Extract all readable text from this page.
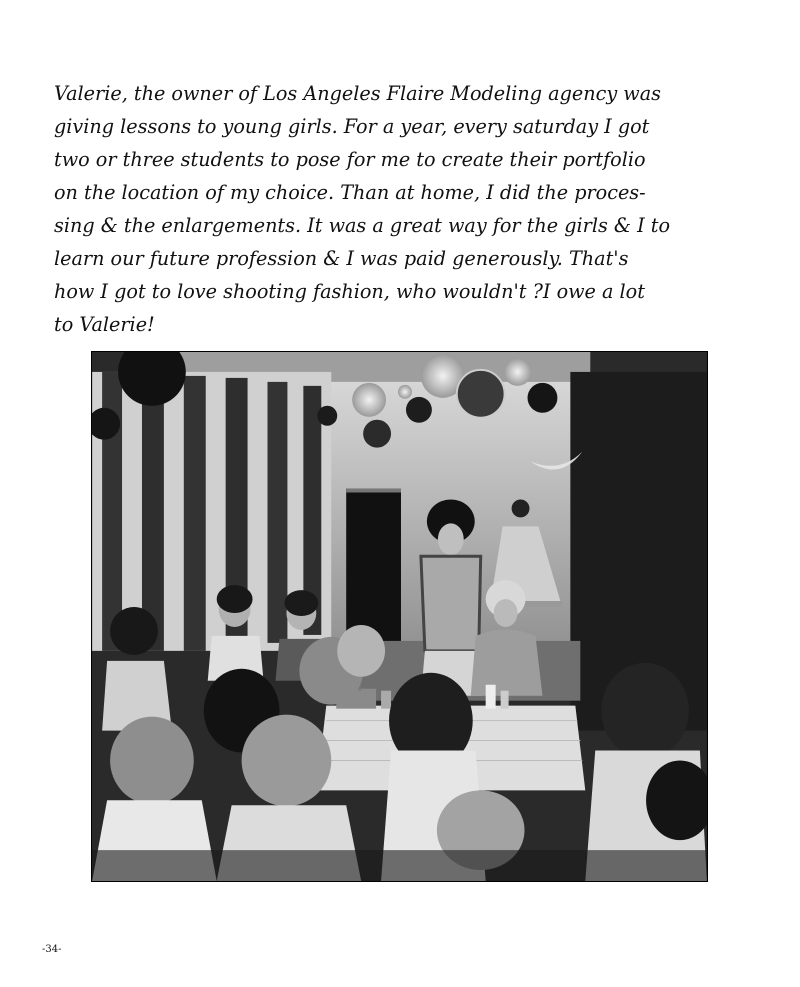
Valerie, the owner of Los Angeles Flaire Modeling agency was
giving lessons to young girls. For a year, every saturday I got
two or three students to pose for me to create their portfolio
on the location of my choice. Than at home, I did the proces-
sing & the enlargements. It was a great way for the girls & I to
learn our future profession & I was paid generously. That's
how I got to love shooting fashion, who wouldn't ?I owe a lot
to Valerie!
-34-
